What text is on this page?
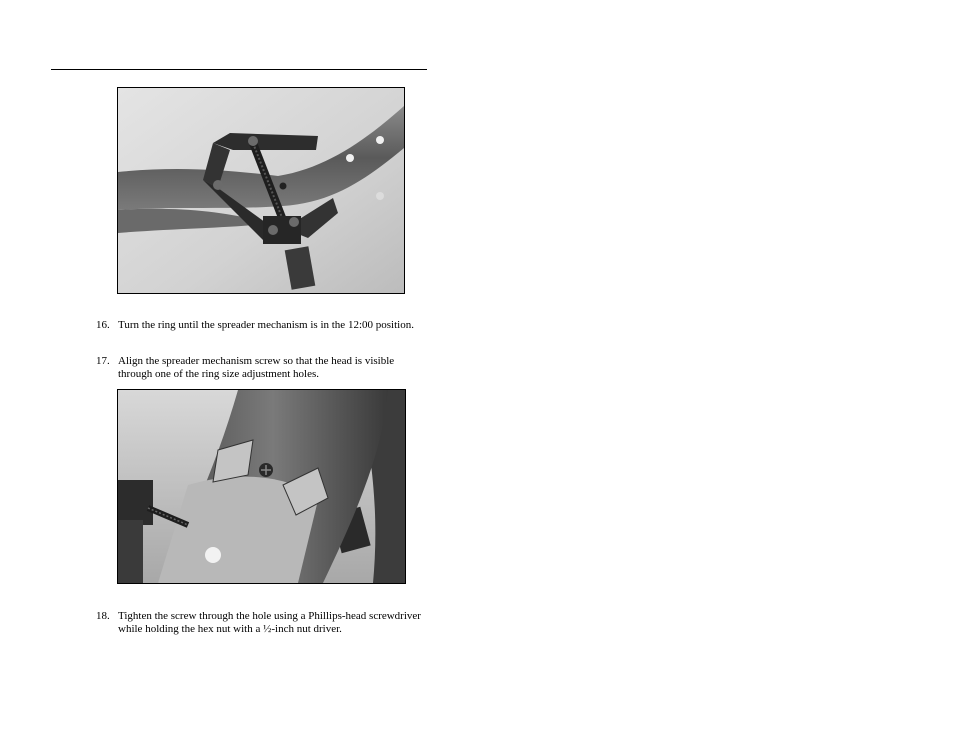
16. Turn the ring until the spreader mechanism is in the 12:00 position.
17. Align the spreader mechanism screw so that the head is visible through one of the ring size adjustment holes.
18. Tighten the screw through the hole using a Phillips-head screwdriver while holding the hex nut with a ½-inch nut driver.
